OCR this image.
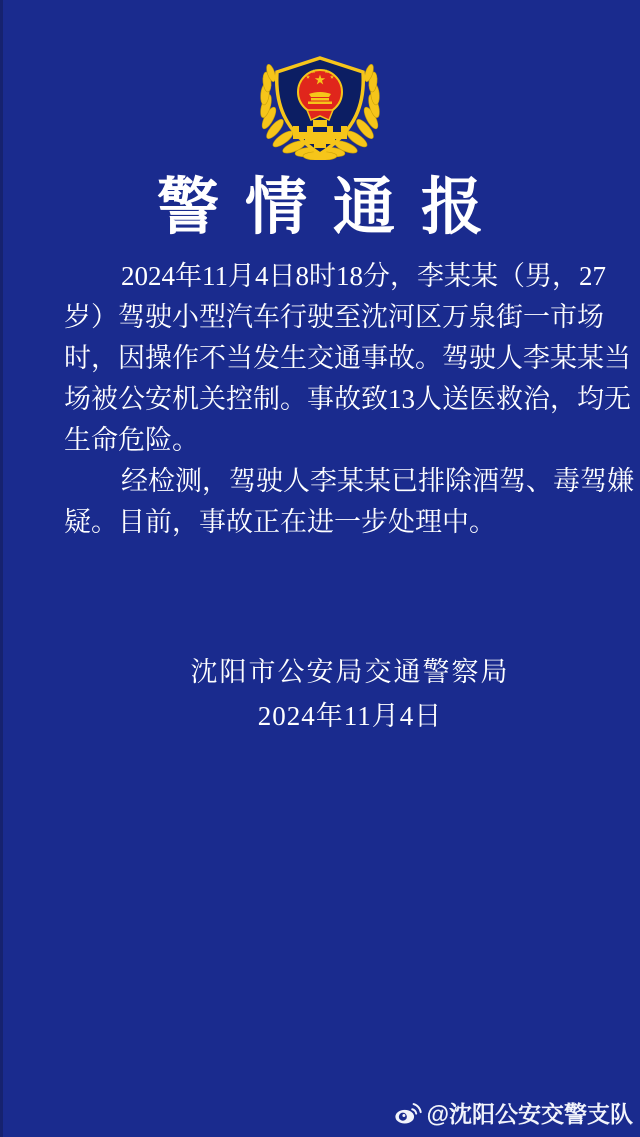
警情通报
2024年11月4日8时18分，李某某（男，27
岁）驾驶小型汽车行驶至沈河区万泉街一市场
时，因操作不当发生交通事故。驾驶人李某某当
场被公安机关控制。事故致13人送医救治，均无
生命危险。
经检测，驾驶人李某某已排除酒驾、毒驾嫌
疑。目前，事故正在进一步处理中。
沈阳市公安局交通警察局
2024年11月4日
@沈阳公安交警支队
